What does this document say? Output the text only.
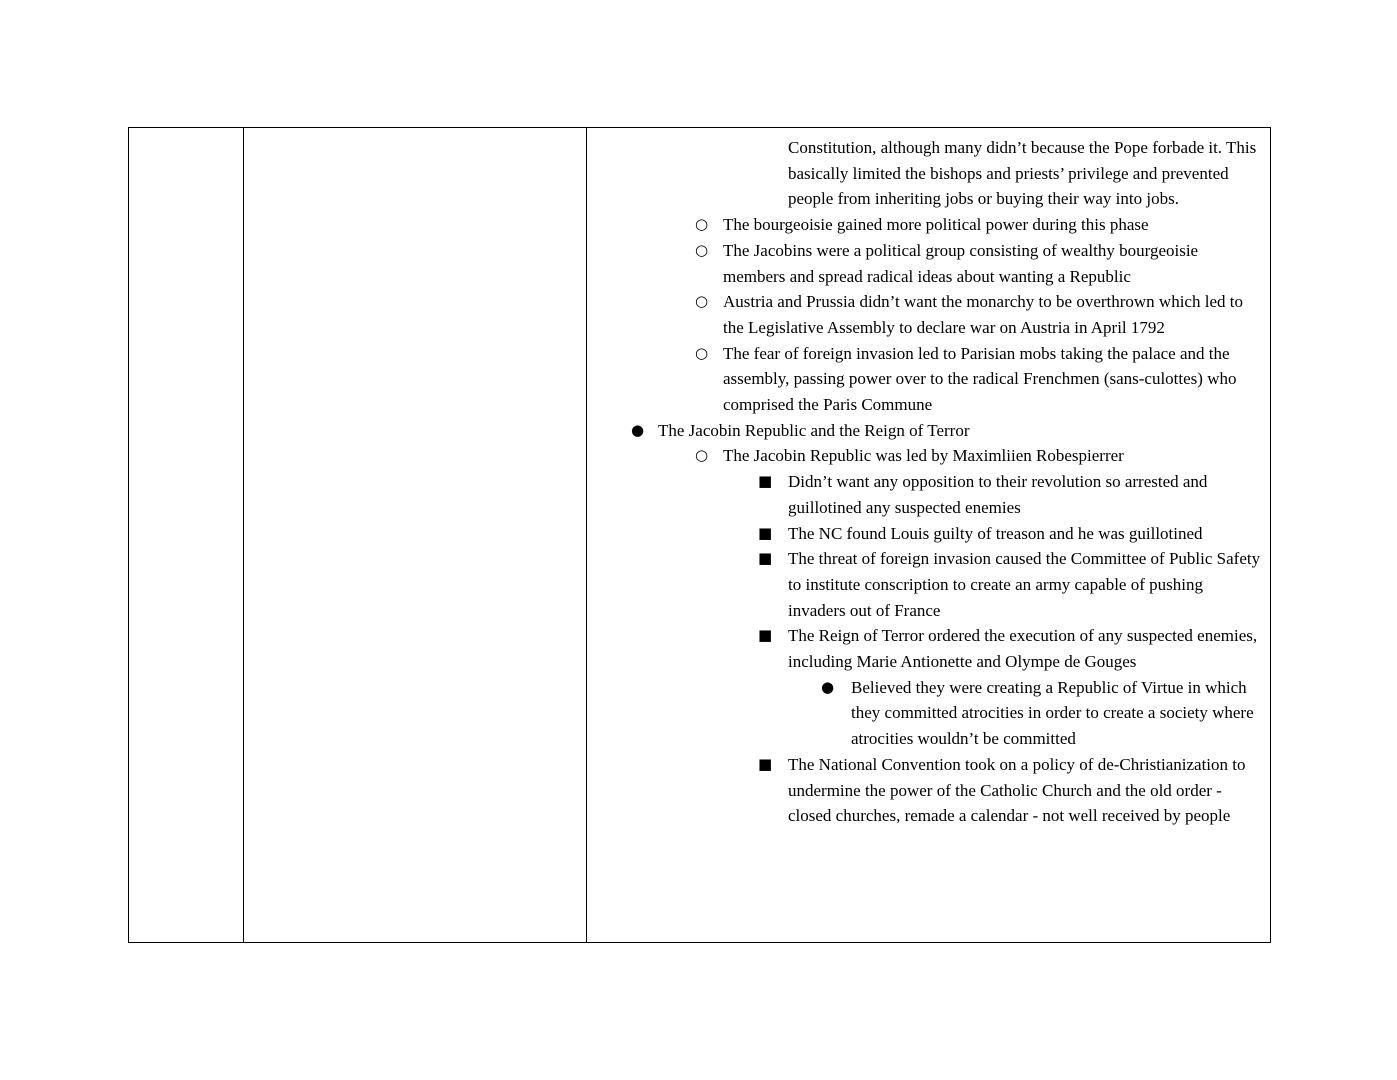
Constitution, although many didn’t because the Pope forbade it. This basically limited the bishops and priests’ privilege and prevented people from inheriting jobs or buying their way into jobs.
○ The bourgeoisie gained more political power during this phase
○ The Jacobins were a political group consisting of wealthy bourgeoisie members and spread radical ideas about wanting a Republic
○ Austria and Prussia didn’t want the monarchy to be overthrown which led to the Legislative Assembly to declare war on Austria in April 1792
○ The fear of foreign invasion led to Parisian mobs taking the palace and the assembly, passing power over to the radical Frenchmen (sans-culottes) who comprised the Paris Commune
● The Jacobin Republic and the Reign of Terror
○ The Jacobin Republic was led by Maximliien Robespierrer
■ Didn’t want any opposition to their revolution so arrested and guillotined any suspected enemies
■ The NC found Louis guilty of treason and he was guillotined
■ The threat of foreign invasion caused the Committee of Public Safety to institute conscription to create an army capable of pushing invaders out of France
■ The Reign of Terror ordered the execution of any suspected enemies, including Marie Antionette and Olympe de Gouges
● Believed they were creating a Republic of Virtue in which they committed atrocities in order to create a society where atrocities wouldn’t be committed
■ The National Convention took on a policy of de-Christianization to undermine the power of the Catholic Church and the old order - closed churches, remade a calendar - not well received by people
